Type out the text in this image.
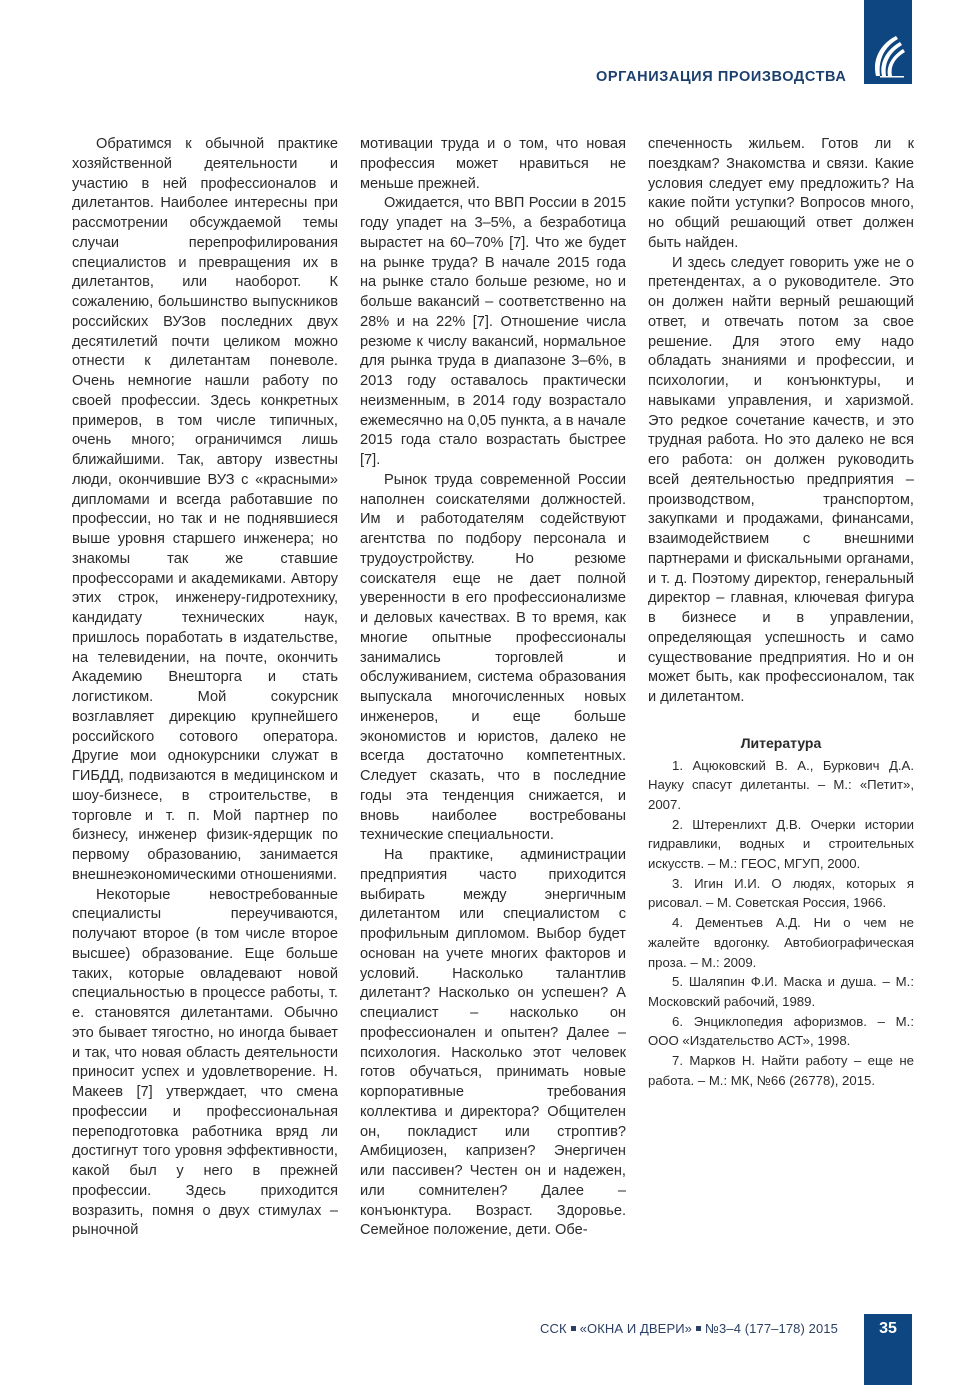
ОРГАНИЗАЦИЯ ПРОИЗВОДСТВА

Обратимся к обычной практике хозяйственной деятельности и участию в ней профессионалов и дилетантов. Наиболее интересны при рассмотрении обсуждаемой темы случаи перепрофилирования специалистов и превращения их в дилетантов, или наоборот. К сожалению, большинство выпускников российских ВУЗов последних двух десятилетий почти целиком можно отнести к дилетантам поневоле. Очень немногие нашли работу по своей профессии. Здесь конкретных примеров, в том числе типичных, очень много; ограничимся лишь ближайшими. Так, автору известны люди, окончившие ВУЗ с «красными» дипломами и всегда работавшие по профессии, но так и не поднявшиеся выше уровня старшего инженера; но знакомы так же ставшие профессорами и академиками. Автору этих строк, инженеру-гидротехнику, кандидату технических наук, пришлось поработать в издательстве, на телевидении, на почте, окончить Академию Внешторга и стать логистиком. Мой сокурсник возглавляет дирекцию крупнейшего российского сотового оператора. Другие мои однокурсники служат в ГИБДД, подвизаются в медицинском и шоу-бизнесе, в строительстве, в торговле и т. п. Мой партнер по бизнесу, инженер физик-ядерщик по первому образованию, занимается внешнеэкономическими отношениями.

Некоторые невостребованные специалисты переучиваются, получают второе (в том числе второе высшее) образование. Еще больше таких, которые овладевают новой специальностью в процессе работы, т. е. становятся дилетантами. Обычно это бывает тягостно, но иногда бывает и так, что новая область деятельности приносит успех и удовлетворение. Н. Макеев [7] утверждает, что смена профессии и профессиональная переподготовка работника вряд ли достигнут того уровня эффективности, какой был у него в прежней профессии. Здесь приходится возразить, помня о двух стимулах – рыночной

мотивации труда и о том, что новая профессия может нравиться не меньше прежней.

Ожидается, что ВВП России в 2015 году упадет на 3–5%, а безработица вырастет на 60–70% [7]. Что же будет на рынке труда? В начале 2015 года на рынке стало больше резюме, но и больше вакансий – соответственно на 28% и на 22% [7]. Отношение числа резюме к числу вакансий, нормальное для рынка труда в диапазоне 3–6%, в 2013 году оставалось практически неизменным, в 2014 году возрастало ежемесячно на 0,05 пункта, а в начале 2015 года стало возрастать быстрее [7].

Рынок труда современной России наполнен соискателями должностей. Им и работодателям содействуют агентства по подбору персонала и трудоустройству. Но резюме соискателя еще не дает полной уверенности в его профессионализме и деловых качествах. В то время, как многие опытные профессионалы занимались торговлей и обслуживанием, система образования выпускала многочисленных новых инженеров, и еще больше экономистов и юристов, далеко не всегда достаточно компетентных. Следует сказать, что в последние годы эта тенденция снижается, и вновь наиболее востребованы технические специальности.

На практике, администрации предприятия часто приходится выбирать между энергичным дилетантом или специалистом с профильным дипломом. Выбор будет основан на учете многих факторов и условий. Насколько талантлив дилетант? Насколько он успешен? А специалист – насколько он профессионален и опытен? Далее – психология. Насколько этот человек готов обучаться, принимать новые корпоративные требования коллектива и директора? Общителен он, покладист или строптив? Амбициозен, капризен? Энергичен или пассивен? Честен он и надежен, или сомнителен? Далее – конъюнктура. Возраст. Здоровье. Семейное положение, дети. Обе-

спеченность жильем. Готов ли к поездкам? Знакомства и связи. Какие условия следует ему предложить? На какие пойти уступки? Вопросов много, но общий решающий ответ должен быть найден.

И здесь следует говорить уже не о претендентах, а о руководителе. Это он должен найти верный решающий ответ, и отвечать потом за свое решение. Для этого ему надо обладать знаниями и профессии, и психологии, и конъюнктуры, и навыками управления, и харизмой. Это редкое сочетание качеств, и это трудная работа. Но это далеко не вся его работа: он должен руководить всей деятельностью предприятия – производством, транспортом, закупками и продажами, финансами, взаимодействием с внешними партнерами и фискальными органами, и т. д. Поэтому директор, генеральный директор – главная, ключевая фигура в бизнесе и в управлении, определяющая успешность и само существование предприятия. Но и он может быть, как профессионалом, так и дилетантом.

Литература

1. Ацюковский В. А., Буркович Д.А. Науку спасут дилетанты. – М.: «Петит», 2007.

2. Штеренлихт Д.В. Очерки истории гидравлики, водных и строительных искусств. – М.: ГЕОС, МГУП, 2000.

3. Игин И.И. О людях, которых я рисовал. – М. Советская Россия, 1966.

4. Дементьев А.Д. Ни о чем не жалейте вдогонку. Автобиографическая проза. – М.: 2009.

5. Шаляпин Ф.И. Маска и душа. – М.: Московский рабочий, 1989.

6. Энциклопедия афоризмов. – М.: ООО «Издательство АСТ», 1998.

7. Марков Н. Найти работу – еще не работа. – М.: МК, №66 (26778), 2015.

ССК «ОКНА И ДВЕРИ» №3–4 (177–178) 2015	35
